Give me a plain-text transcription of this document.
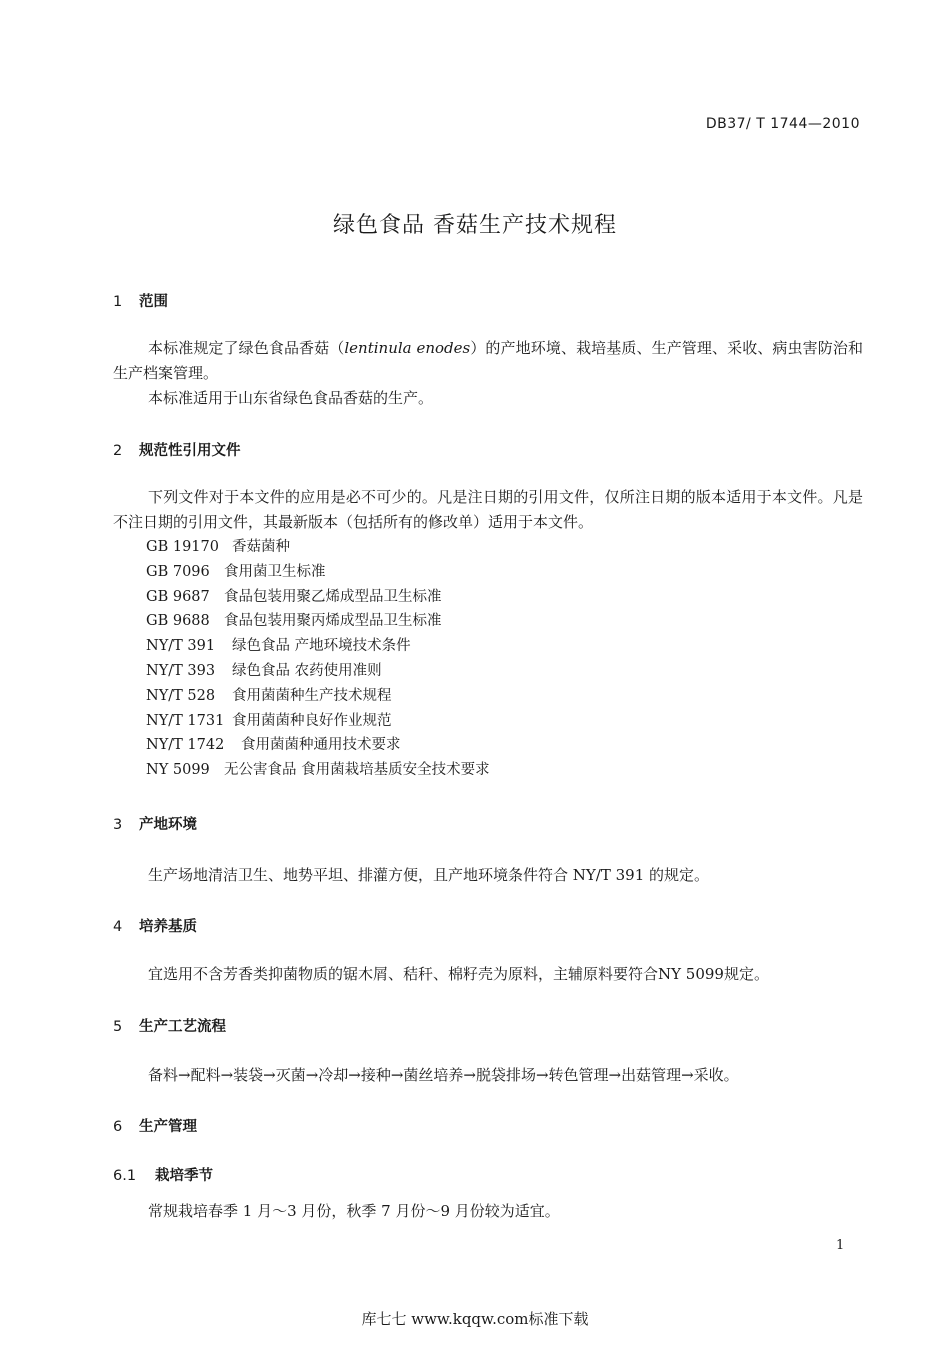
DB37/ T 1744—2010
绿色食品 香菇生产技术规程
1 范围
本标准规定了绿色食品香菇（lentinula enodes）的产地环境、栽培基质、生产管理、采收、病虫害防治和生产档案管理。
本标准适用于山东省绿色食品香菇的生产。
2 规范性引用文件
下列文件对于本文件的应用是必不可少的。凡是注日期的引用文件，仅所注日期的版本适用于本文件。凡是不注日期的引用文件，其最新版本（包括所有的修改单）适用于本文件。
GB 19170 香菇菌种
GB 7096 食用菌卫生标准
GB 9687 食品包装用聚乙烯成型品卫生标准
GB 9688 食品包装用聚丙烯成型品卫生标准
NY/T 391 绿色食品 产地环境技术条件
NY/T 393 绿色食品 农药使用准则
NY/T 528 食用菌菌种生产技术规程
NY/T 1731 食用菌菌种良好作业规范
NY/T 1742 食用菌菌种通用技术要求
NY 5099 无公害食品 食用菌栽培基质安全技术要求
3 产地环境
生产场地清洁卫生、地势平坦、排灌方便，且产地环境条件符合 NY/T 391 的规定。
4 培养基质
宜选用不含芳香类抑菌物质的锯木屑、秸秆、棉籽壳为原料，主辅原料要符合NY 5099规定。
5 生产工艺流程
备料→配料→装袋→灭菌→冷却→接种→菌丝培养→脱袋排场→转色管理→出菇管理→采收。
6 生产管理
6.1 栽培季节
常规栽培春季 1 月～3 月份，秋季 7 月份～9 月份较为适宜。
1
库七七 www.kqqw.com标准下载
